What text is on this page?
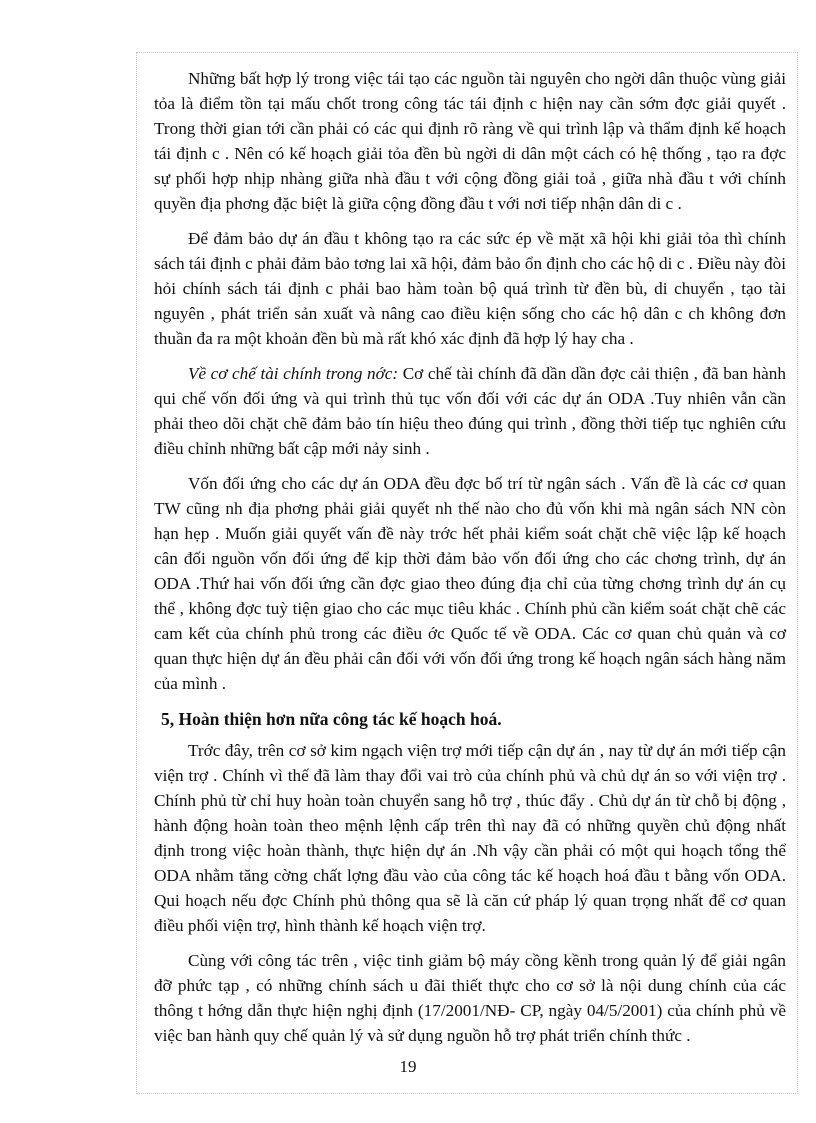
Những bất hợp lý trong việc tái tạo các nguồn tài nguyên cho ngời dân thuộc vùng giải tỏa là điểm tồn tại mấu chốt trong công tác tái định c hiện nay cần sớm đợc giải quyết . Trong thời gian tới cần phải có các qui định rõ ràng về qui trình lập và thẩm định kế hoạch tái định c . Nên có kế hoạch giải tỏa đền bù ngời di dân một cách có hệ thống , tạo ra đợc sự phối hợp nhịp nhàng giữa nhà đầu t với cộng đồng giải toả , giữa nhà đầu t với chính quyền địa phơng đặc biệt là giữa cộng đồng đầu t với nơi tiếp nhận dân di c .

Để đảm bảo dự án đầu t không tạo ra các sức ép về mặt xã hội khi giải tỏa thì chính sách tái định c phải đảm bảo tơng lai xã hội, đảm bảo ổn định cho các hộ di c . Điều này đòi hỏi chính sách tái định c phải bao hàm toàn bộ quá trình từ đền bù, di chuyển , tạo tài nguyên , phát triển sản xuất và nâng cao điều kiện sống cho các hộ dân c ch không đơn thuần đa ra một khoản đền bù mà rất khó xác định đã hợp lý hay cha .

Về cơ chế tài chính trong nớc: Cơ chế tài chính đã dần dần đợc cải thiện , đã ban hành qui chế vốn đối ứng và qui trình thủ tục vốn đối với các dự án ODA .Tuy nhiên vẫn cần phải theo dõi chặt chẽ đảm bảo tín hiệu theo đúng qui trình , đồng thời tiếp tục nghiên cứu điều chỉnh những bất cập mới nảy sinh .

Vốn đối ứng cho các dự án ODA đều đợc bố trí từ ngân sách . Vấn đề là các cơ quan TW cũng nh địa phơng phải giải quyết nh thế nào cho đủ vốn khi mà ngân sách NN còn hạn hẹp . Muốn giải quyết vấn đề này trớc hết phải kiểm soát chặt chẽ việc lập kế hoạch cân đối nguồn vốn đối ứng để kịp thời đảm bảo vốn đối ứng cho các chơng trình, dự án ODA .Thứ hai vốn đối ứng cần đợc giao theo đúng địa chỉ của từng chơng trình dự án cụ thể , không đợc tuỳ tiện giao cho các mục tiêu khác . Chính phủ cần kiểm soát chặt chẽ các cam kết của chính phủ trong các điều ớc Quốc tế về ODA. Các cơ quan chủ quản và cơ quan thực hiện dự án đều phải cân đối với vốn đối ứng trong kế hoạch ngân sách hàng năm của mình .

5, Hoàn thiện hơn nữa công tác kế hoạch hoá.

Trớc đây, trên cơ sở kim ngạch viện trợ mới tiếp cận dự án , nay từ dự án mới tiếp cận viện trợ . Chính vì thế đã làm thay đổi vai trò của chính phủ và chủ dự án so với viện trợ . Chính phủ từ chỉ huy hoàn toàn chuyển sang hỗ trợ , thúc đẩy . Chủ dự án từ chỗ bị động , hành động hoàn toàn theo mệnh lệnh cấp trên thì nay đã có những quyền chủ động nhất định trong việc hoàn thành, thực hiện dự án .Nh vậy cần phải có một qui hoạch tổng thể ODA nhằm tăng cờng chất lợng đầu vào của công tác kế hoạch hoá đầu t bằng vốn ODA. Qui hoạch nếu đợc Chính phủ thông qua sẽ là căn cứ pháp lý quan trọng nhất để cơ quan điều phối viện trợ, hình thành kế hoạch viện trợ.

Cùng với công tác trên , việc tinh giảm bộ máy cồng kềnh trong quản lý để giải ngân đỡ phức tạp , có những chính sách u đãi thiết thực cho cơ sở là nội dung chính của các thông t hớng dẫn thực hiện nghị định (17/2001/NĐ- CP, ngày 04/5/2001) của chính phủ về việc ban hành quy chế quản lý và sử dụng nguồn hỗ trợ phát triển chính thức .

19
